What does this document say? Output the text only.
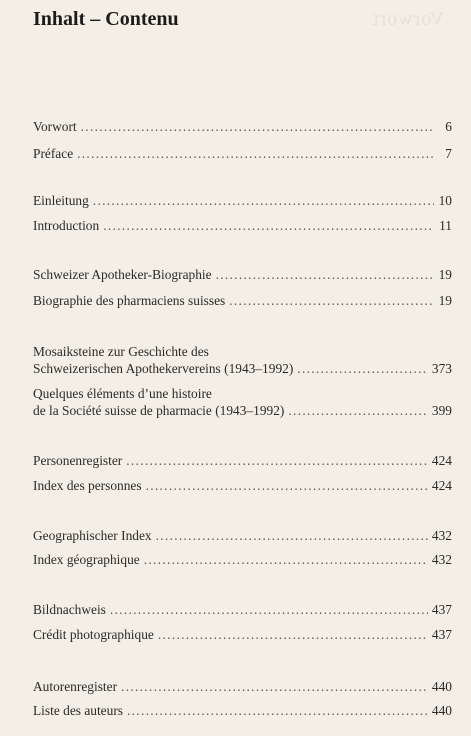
Vorwort
Inhalt – Contenu
Vorwort .....	6
Préface .....	7
Einleitung .....	10
Introduction .....	11
Schweizer Apotheker-Biographie .....	19
Biographie des pharmaciens suisses .....	19
Mosaiksteine zur Geschichte des
Schweizerischen Apothekervereins (1943–1992) .....	373
Quelques éléments d’une histoire
de la Société suisse de pharmacie (1943–1992) .....	399
Personenregister .....	424
Index des personnes .....	424
Geographischer Index .....	432
Index géographique .....	432
Bildnachweis .....	437
Crédit photographique .....	437
Autorenregister .....	440
Liste des auteurs .....	440
